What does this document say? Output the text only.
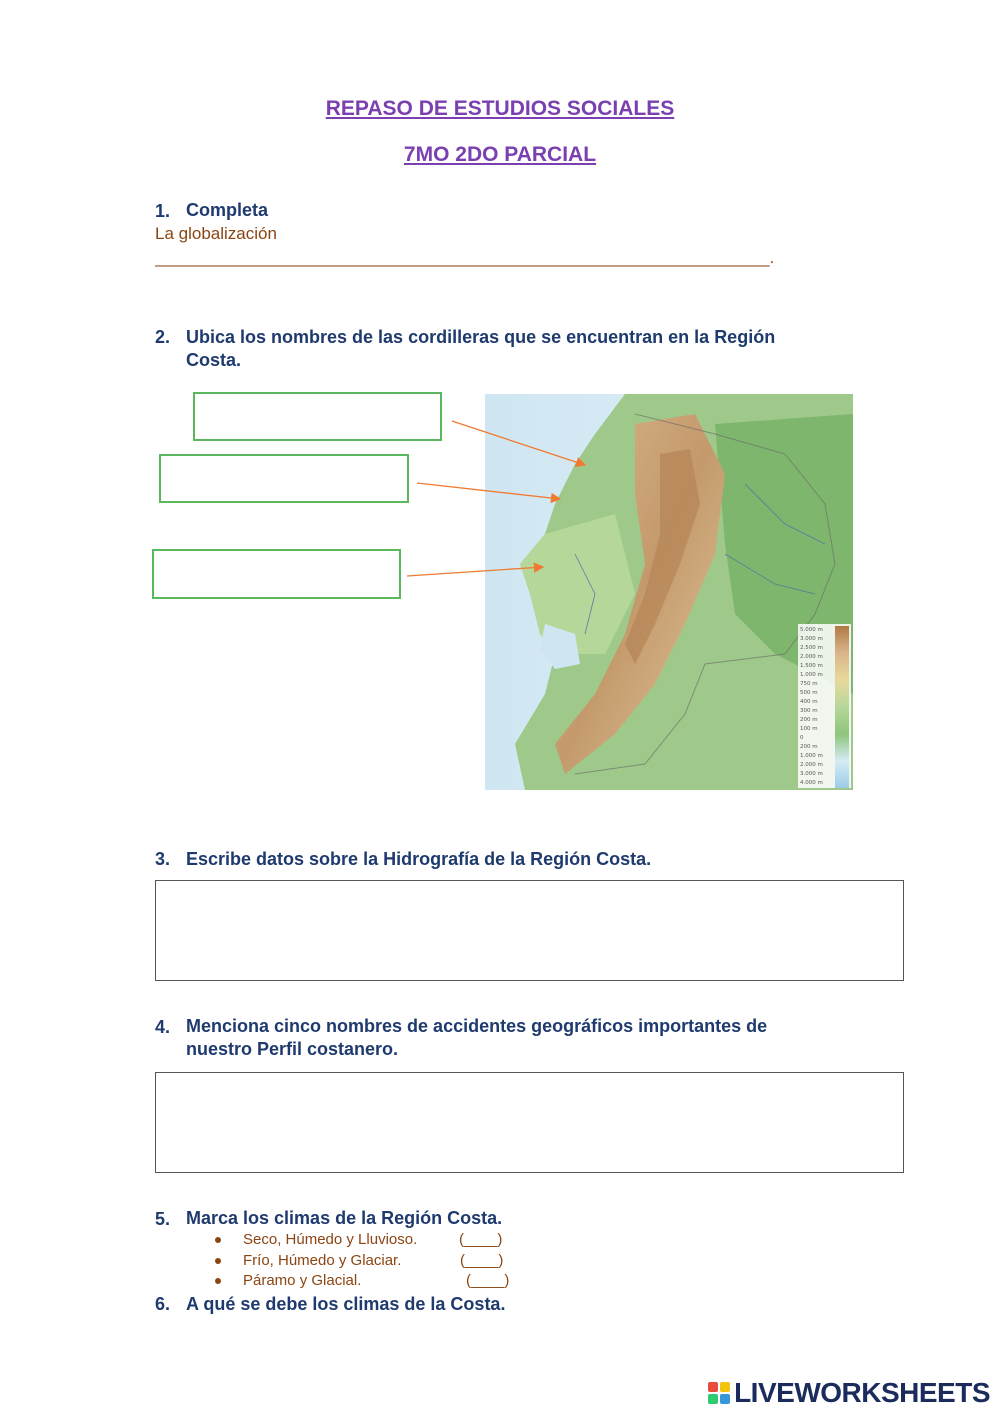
REPASO DE ESTUDIOS SOCIALES
7MO 2DO PARCIAL
1. Completa
La globalización
_________________________________________________________________.
2. Ubica los nombres de las cordilleras que se encuentran en la Región
Costa.
5.000 m
3.000 m
2.500 m
2.000 m
1.500 m
1.000 m
750 m
500 m
400 m
300 m
200 m
100 m
0
200 m
1.000 m
2.000 m
3.000 m
4.000 m
3. Escribe datos sobre la Hidrografía de la Región Costa.
4. Menciona cinco nombres de accidentes geográficos importantes de
nuestro Perfil costanero.
5. Marca los climas de la Región Costa.
Seco, Húmedo y Lluvioso.	(____)
Frío, Húmedo y Glaciar.	(____)
Páramo y Glacial.	(____)
6. A qué se debe los climas de la Costa.
LIVEWORKSHEETS
